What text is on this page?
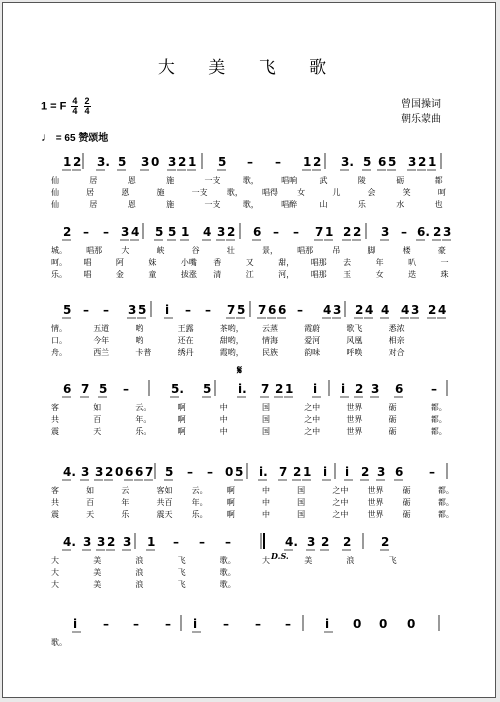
大 美 飞 歌
1 = F $\frac{4}{4}$
$\frac{2}{4}$	曾国操词
朝乐蒙曲
♩ = 65 赞颂地
1 2 3. 5 3 0 3 2 1 5 – – 1 2 3. 5 6 5 3 2 1
仙	居	恩	施	一支	歌，	唱响	武	陵	砺	都
仙	居	恩	施	一支 歌， 唱得 女	儿	会	笑	呵
仙	居	恩	施	一支	歌，	唱醉	山	乐	水	也
2 – – 3 4 5 5 1 4 3 2 6 – – 7 1 2 2 3 – 6. 2 3
城。 唱那 大	峡	谷	壮	景， 唱那 吊	脚	楼	豪
呵。 唱	阿	妹	小嘴 香	又	甜， 唱那 去	年	叭	一
乐。 唱	金	童	拔涨 清	江	河， 唱那 玉	女	迭	珠
5 – – 3 5 i – – 7 5 7 6 6 – 4 3 2 4 4 4 3 2 4
情。	五道	哟	王露	茶哟， 云蒸	霞蔚	歌飞	悉浓
口。	今年	哟	还在	甜哟， 情海	爱河	风凰	相亲
舟。	西兰	卡普	绣丹	霞哟， 民族	韵味	呼唤	对合
6 7 5 –	5. 5 i. 7 2 1 i i 2 3 6 –
客	如	云。	啊	中	国	之中	世界	砺	都。
共	百	年。	啊	中	国	之中	世界	砺	都。
震	天	乐。	啊	中	国	之中	世界	砺	都。
4. 3 3 2 0 6 6 7 5 – – 0 5 i. 7 2 1 i i 2 3 6 –
客	如	云	客如 云。 啊	中	国	之中 世界 砺	都。
共	百	年	共百 年。 啊	中	国	之中 世界 砺	都。
震	天	乐	震天 乐。 啊	中	国	之中 世界 砺	都。
4. 3 3 2 3 1 – – –	4. 3 2 2 2
大	美	浪	飞	歌。	大	美	浪	飞
大	美	浪	飞	歌。
大	美	浪	飞	歌。
i – – – i – – –	i 0 0 0
歌。
D.S.
𝄋
